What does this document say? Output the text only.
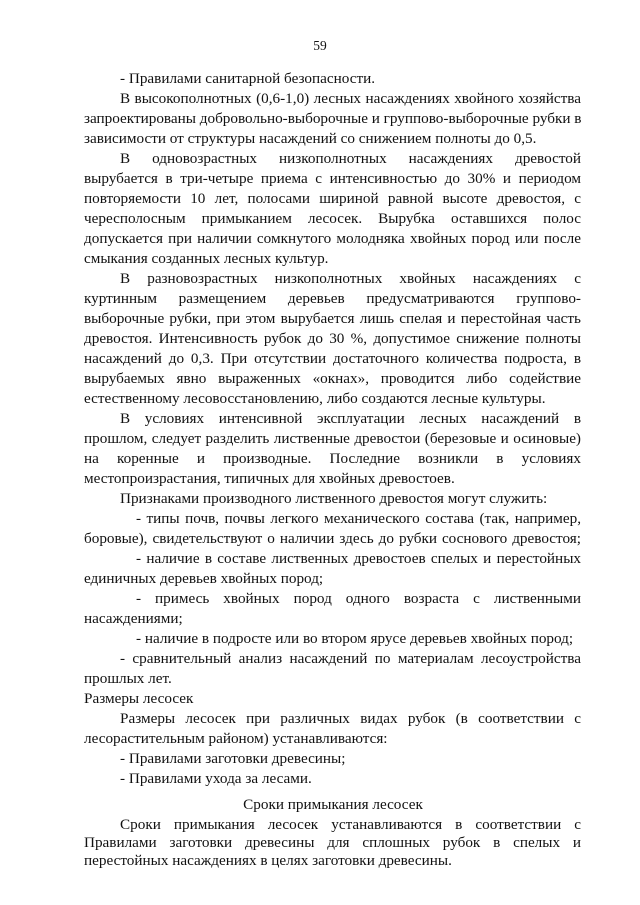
59
- Правилами санитарной безопасности.
В высокополнотных (0,6-1,0) лесных насаждениях хвойного хозяйства
запроектированы добровольно-выборочные и группово-выборочные рубки в
зависимости от структуры насаждений со снижением полноты до 0,5.
В одновозрастных низкополнотных насаждениях древостой
вырубается в три-четыре приема с интенсивностью до 30% и периодом
повторяемости 10 лет, полосами шириной равной высоте древостоя, с
чересполосным примыканием лесосек. Вырубка оставшихся полос
допускается при наличии сомкнутого молодняка хвойных пород или после
смыкания созданных лесных культур.
В разновозрастных низкополнотных хвойных насаждениях с
куртинным размещением деревьев предусматриваются группово-
выборочные рубки, при этом вырубается лишь спелая и перестойная часть
древостоя. Интенсивность рубок до 30 %, допустимое снижение полноты
насаждений до 0,3. При отсутствии достаточного количества подроста, в
вырубаемых явно выраженных «окнах», проводится либо содействие
естественному лесовосстановлению, либо создаются лесные культуры.
В условиях интенсивной эксплуатации лесных насаждений в
прошлом, следует разделить лиственные древостои (березовые и осиновые)
на коренные и производные. Последние возникли в условиях
местопроизрастания, типичных для хвойных древостоев.
Признаками производного лиственного древостоя могут служить:
- типы почв, почвы легкого механического состава (так, например,
боровые), свидетельствуют о наличии здесь до рубки соснового древостоя;
- наличие в составе лиственных древостоев спелых и перестойных
единичных деревьев хвойных пород;
- примесь хвойных пород одного возраста с лиственными
насаждениями;
- наличие в подросте или во втором ярусе деревьев хвойных пород;
- сравнительный анализ насаждений по материалам лесоустройства
прошлых лет.
Размеры лесосек
Размеры лесосек при различных видах рубок (в соответствии с
лесорастительным районом) устанавливаются:
- Правилами заготовки древесины;
- Правилами ухода за лесами.
Сроки примыкания лесосек
Сроки примыкания лесосек устанавливаются в соответствии с
Правилами заготовки древесины для сплошных рубок в спелых и
перестойных насаждениях в целях заготовки древесины.
